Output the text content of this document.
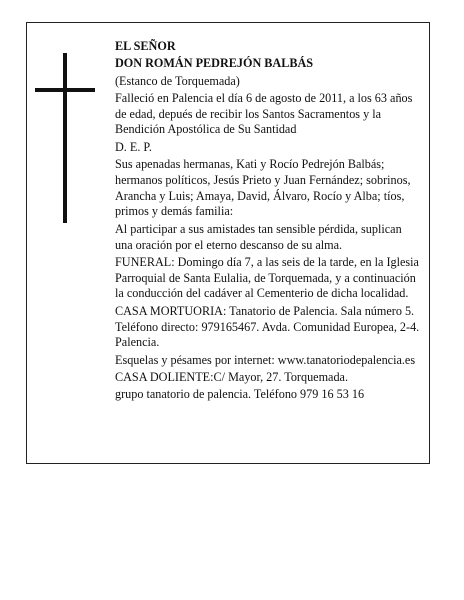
EL SEÑOR

DON ROMÁN PEDREJÓN BALBÁS

(Estanco de Torquemada)

Falleció en Palencia el día 6 de agosto de 2011, a los 63 años de edad, depués de recibir los Santos Sacramentos y la Bendición Apostólica de Su Santidad

D. E. P.

Sus apenadas hermanas, Kati y Rocío Pedrejón Balbás; hermanos políticos, Jesús Prieto y Juan Fernández; sobrinos, Arancha y Luis; Amaya, David, Álvaro, Rocío y Alba; tíos, primos y demás familia:

Al participar a sus amistades tan sensible pérdida, suplican una oración por el eterno descanso de su alma.

FUNERAL: Domingo día 7, a las seis de la tarde, en la Iglesia Parroquial de Santa Eulalia, de Torquemada, y a continuación la conducción del cadáver al Cementerio de dicha localidad.

CASA MORTUORIA: Tanatorio de Palencia. Sala número 5. Teléfono directo: 979165467. Avda. Comunidad Europea, 2-4. Palencia.

Esquelas y pésames por internet: www.tanatoriodepalencia.es

CASA DOLIENTE:C/ Mayor, 27. Torquemada.

grupo tanatorio de palencia. Teléfono 979 16 53 16
